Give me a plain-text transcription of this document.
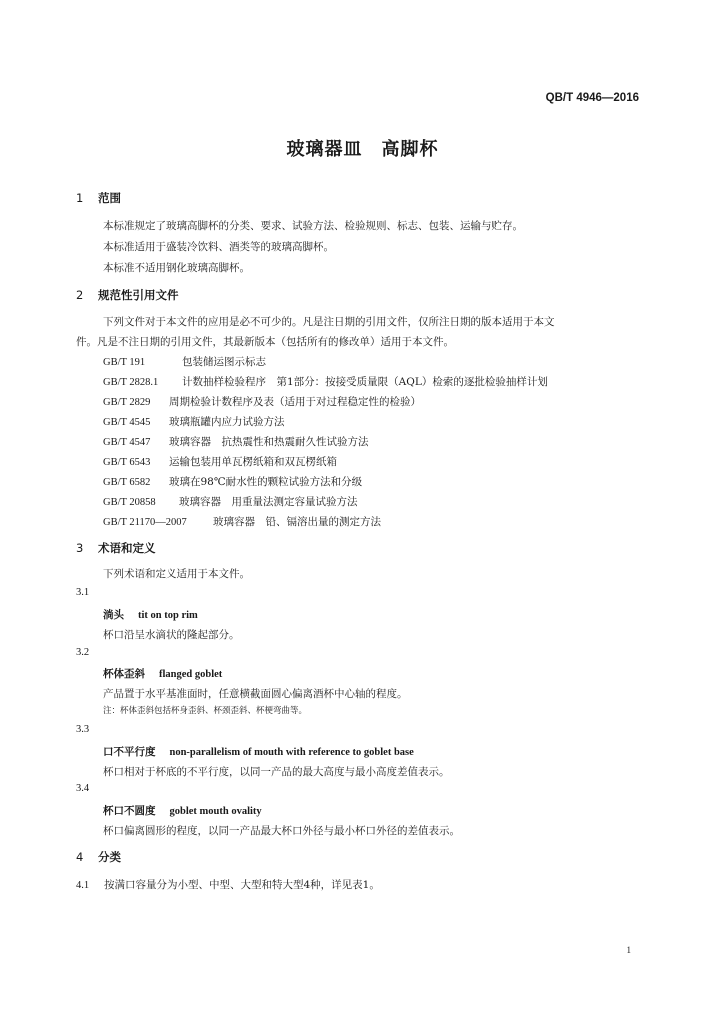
QB/T 4946—2016
玻璃器皿　高脚杯
1 范围
本标准规定了玻璃高脚杯的分类、要求、试验方法、检验规则、标志、包装、运输与贮存。
本标准适用于盛装冷饮料、酒类等的玻璃高脚杯。
本标准不适用钢化玻璃高脚杯。
2 规范性引用文件
下列文件对于本文件的应用是必不可少的。凡是注日期的引用文件，仅所注日期的版本适用于本文
件。凡是不注日期的引用文件，其最新版本（包括所有的修改单）适用于本文件。
GB/T 191	包装储运图示标志
GB/T 2828.1 计数抽样检验程序　第1部分：按接受质量限（AQL）检索的逐批检验抽样计划
GB/T 2829 周期检验计数程序及表（适用于对过程稳定性的检验）
GB/T 4545 玻璃瓶罐内应力试验方法
GB/T 4547 玻璃容器　抗热震性和热震耐久性试验方法
GB/T 6543 运输包装用单瓦楞纸箱和双瓦楞纸箱
GB/T 6582 玻璃在98℃耐水性的颗粒试验方法和分级
GB/T 20858 玻璃容器　用重量法测定容量试验方法
GB/T 21170—2007	玻璃容器　铅、镉溶出量的测定方法
3 术语和定义
下列术语和定义适用于本文件。
3.1
淌头 tit on top rim
杯口沿呈水滴状的隆起部分。
3.2
杯体歪斜 flanged goblet
产品置于水平基准面时，任意横截面圆心偏离酒杯中心轴的程度。
注：杯体歪斜包括杯身歪斜、杯颈歪斜、杯梗弯曲等。
3.3
口不平行度 non-parallelism of mouth with reference to goblet base
杯口相对于杯底的不平行度，以同一产品的最大高度与最小高度差值表示。
3.4
杯口不圆度 goblet mouth ovality
杯口偏离圆形的程度，以同一产品最大杯口外径与最小杯口外径的差值表示。
4 分类
4.1 按满口容量分为小型、中型、大型和特大型4种，详见表1。
1
